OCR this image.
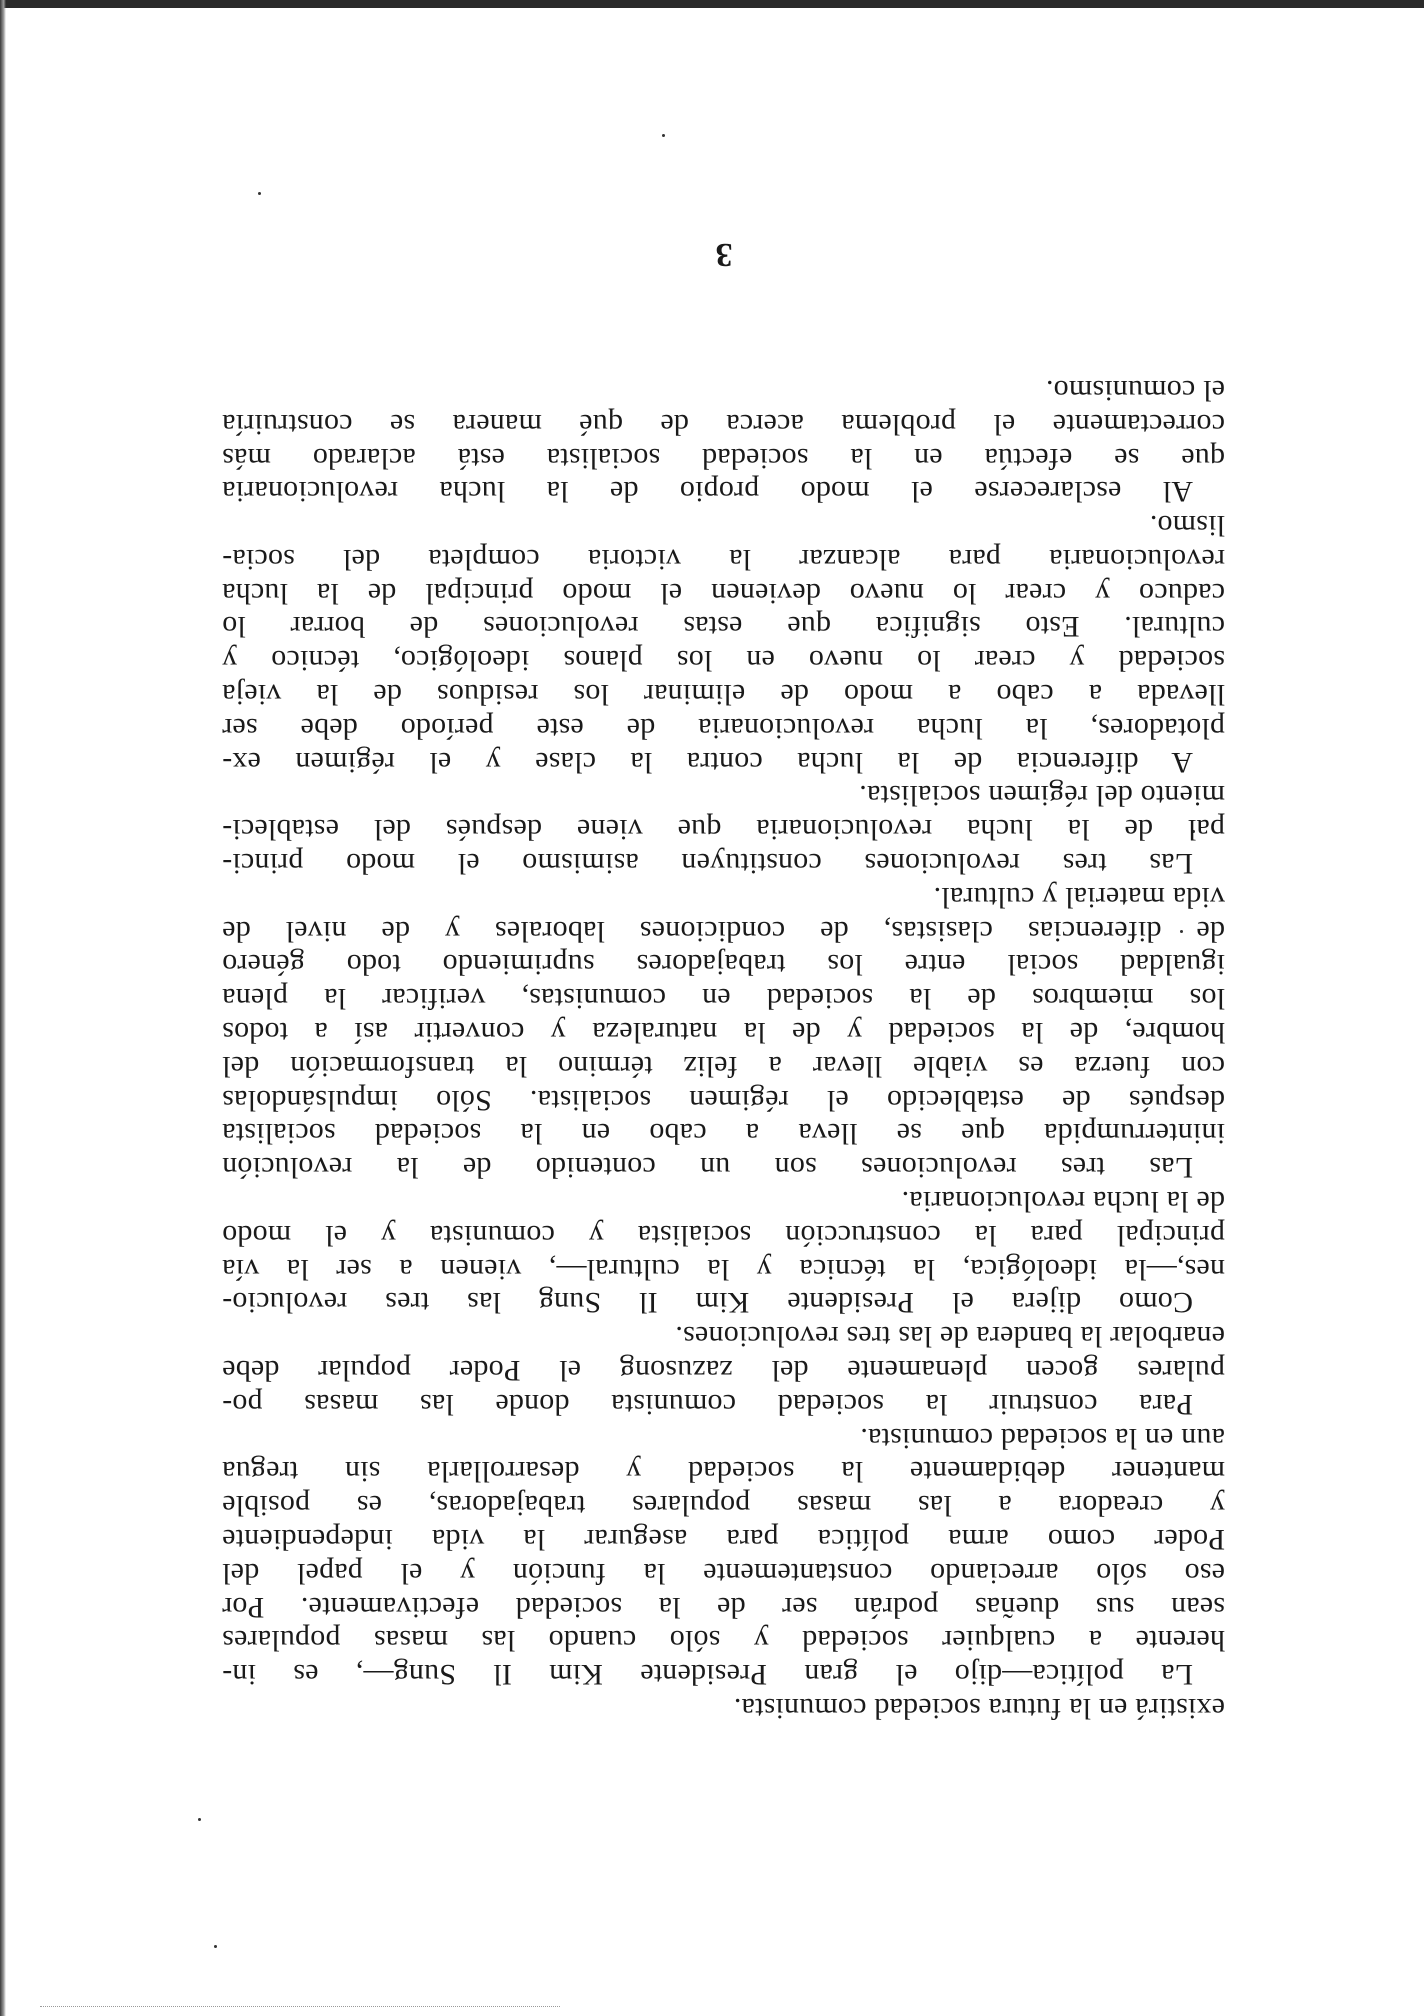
existirá en la futura sociedad comunista.
La política—dijo el gran Presidente Kim Il Sung—, es in-
herente a cualquier sociedad y sólo cuando las masas populares
sean sus dueñas podrán ser de la sociedad efectivamente. Por
eso sólo arreciando constantemente la función y el papel del
Poder como arma política para asegurar la vida independiente
y creadora a las masas populares trabajadoras, es posible
mantener debidamente la sociedad y desarrollarla sin tregua
aun en la sociedad comunista.
Para construir la sociedad comunista donde las masas po-
pulares gocen plenamente del zazusong el Poder popular debe
enarbolar la bandera de las tres revoluciones.
Como dijera el Presidente Kim Il Sung las tres revolucio-
nes,—la ideológica, la técnica y la cultural—, vienen a ser la vía
principal para la construcción socialista y comunista y el modo
de la lucha revolucionaria.
Las tres revoluciones son un contenido de la revolución
ininterrumpida que se lleva a cabo en la sociedad socialista
después de establecido el régimen socialista. Sólo impulsándolas
con fuerza es viable llevar a feliz término la transformación del
hombre, de la sociedad y de la naturaleza y convertir así a todos
los miembros de la sociedad en comunistas, verificar la plena
igualdad social entre los trabajadores suprimiendo todo género
de diferencias clasistas, de condiciones laborales y de nivel de
vida material y cultural.
Las tres revoluciones constituyen asimismo el modo princi-
pal de la lucha revolucionaria que viene después del estableci-
miento del régimen socialista.
A diferencia de la lucha contra la clase y el régimen ex-
plotadores, la lucha revolucionaria de este período debe ser
llevada a cabo a modo de eliminar los residuos de la vieja
sociedad y crear lo nuevo en los planos ideológico, técnico y
cultural. Esto significa que estas revoluciones de borrar lo
caduco y crear lo nuevo devienen el modo principal de la lucha
revolucionaria para alcanzar la victoria completa del socia-
lismo.
Al esclarecerse el modo propio de la lucha revolucionaria
que se efectúa en la sociedad socialista está aclarado más
correctamente el problema acerca de qué manera se construiría
el comunismo.
3
